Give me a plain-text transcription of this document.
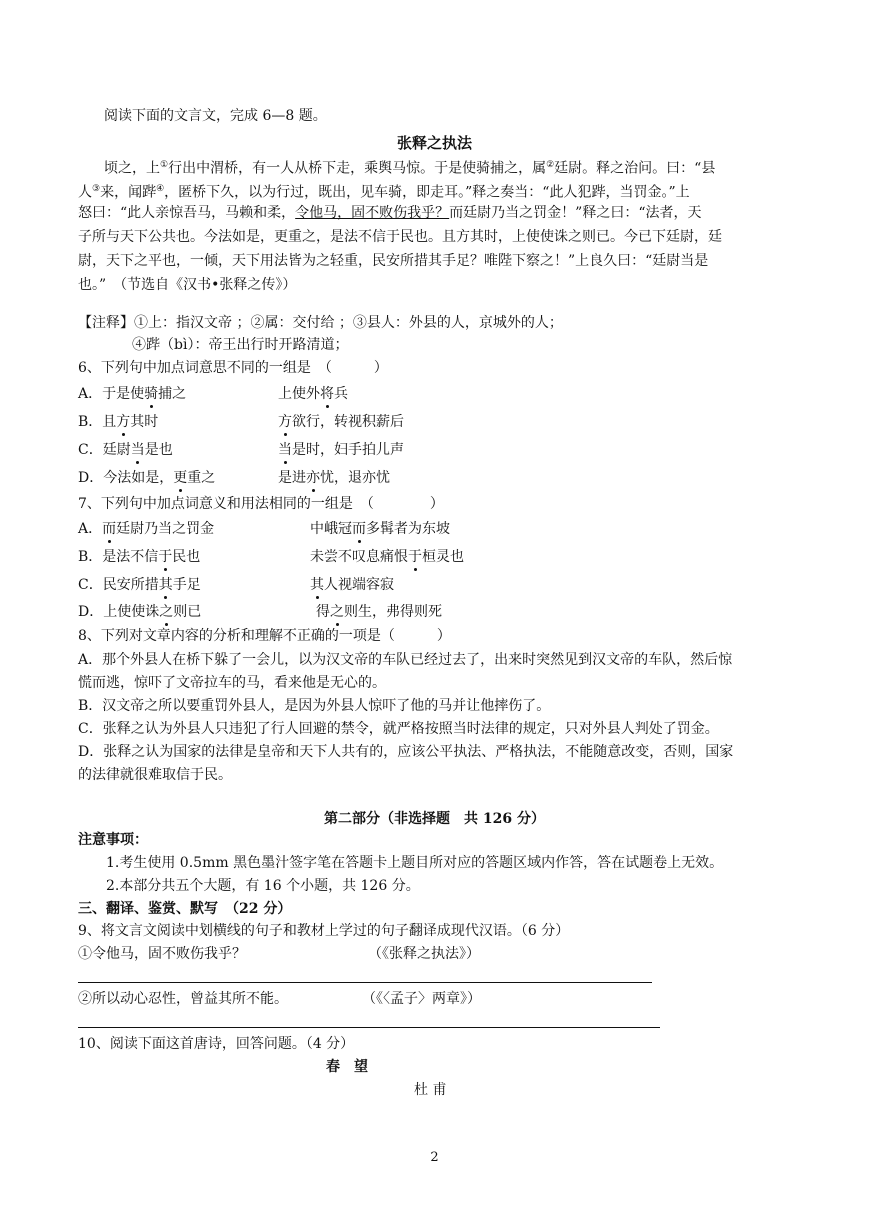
阅读下面的文言文，完成 6—8 题。
张释之执法
顷之，上①行出中渭桥，有一人从桥下走，乘舆马惊。于是使骑捕之，属②廷尉。释之治问。曰：“县
人③来，闻跸④，匿桥下久，以为行过，既出，见车骑，即走耳。”释之奏当：“此人犯跸，当罚金。”上
怒曰：“此人亲惊吾马，马赖和柔，令他马，固不败伤我乎？而廷尉乃当之罚金！”释之曰：“法者，天
子所与天下公共也。今法如是，更重之，是法不信于民也。且方其时，上使使诛之则已。今已下廷尉，廷
尉，天下之平也，一倾，天下用法皆为之轻重，民安所措其手足？唯陛下察之！”上良久曰：“廷尉当是
也。”　（节选自《汉书•张释之传》）
【注释】①上：指汉文帝 ；②属：交付给 ；③县人：外县的人，京城外的人；
④跸（bì）：帝王出行时开路清道；
6、下列句中加点词意思不同的一组是　（　　　）
A．于是使骑捕之	上使外将兵
B．且方其时	方欲行，转视积薪后
C．廷尉当是也	当是时，妇手拍儿声
D．今法如是，更重之	是进亦忧，退亦忧
7、下列句中加点词意义和用法相同的一组是　（　　　　）
A．而廷尉乃当之罚金	中峨冠而多髯者为东坡
B．是法不信于民也	未尝不叹息痛恨于桓灵也
C．民安所措其手足	其人视端容寂
D．上使使诛之则已	得之则生，弗得则死
8、下列对文章内容的分析和理解不正确的一项是（　　　）
A．那个外县人在桥下躲了一会儿，以为汉文帝的车队已经过去了，出来时突然见到汉文帝的车队，然后惊
慌而逃，惊吓了文帝拉车的马，看来他是无心的。
B．汉文帝之所以要重罚外县人，是因为外县人惊吓了他的马并让他摔伤了。
C．张释之认为外县人只违犯了行人回避的禁令，就严格按照当时法律的规定，只对外县人判处了罚金。
D．张释之认为国家的法律是皇帝和天下人共有的，应该公平执法、严格执法，不能随意改变，否则，国家
的法律就很难取信于民。
第二部分（非选择题　共 126 分）
注意事项：
1.考生使用 0.5mm 黑色墨汁签字笔在答题卡上题目所对应的答题区域内作答，答在试题卷上无效。
2.本部分共五个大题，有 16 个小题，共 126 分。
三、翻译、鉴赏、默写　（22 分）
9、将文言文阅读中划横线的句子和教材上学过的句子翻译成现代汉语。（6 分）
①令他马，固不败伤我乎？	（《张释之执法》）
②所以动心忍性，曾益其所不能。	（《〈孟子〉两章》）
10、阅读下面这首唐诗，回答问题。（4 分）
春　望
杜 甫
2
